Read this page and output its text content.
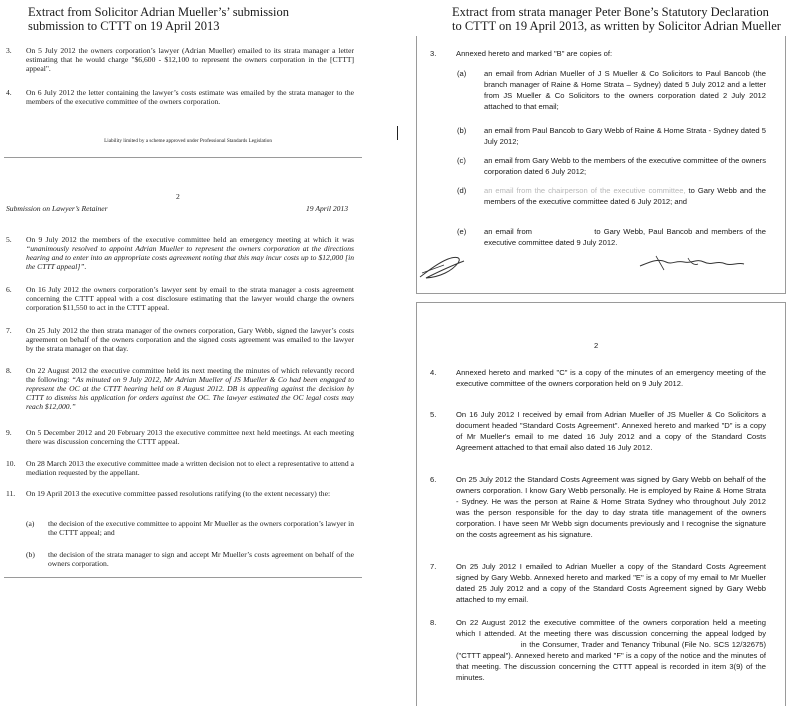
Extract from Solicitor Adrian Mueller’s’ submission
submission to CTTT on 19 April 2013
3. On 5 July 2012 the owners corporation’s lawyer (Adrian Mueller) emailed to its strata manager a letter estimating that he would charge "$6,600 - $12,100 to represent the owners corporation in the [CTTT] appeal".
4. On 6 July 2012 the letter containing the lawyer’s costs estimate was emailed by the strata manager to the members of the executive committee of the owners corporation.
Liability limited by a scheme approved under Professional Standards Legislation
2
Submission on Lawyer’s Retainer	19 April 2013
5. On 9 July 2012 the members of the executive committee held an emergency meeting at which it was “unanimously resolved to appoint Adrian Mueller to represent the owners corporation at the directions hearing and to enter into an appropriate costs agreement noting that this may incur costs up to $12,000 [in the CTTT appeal]”.
6. On 16 July 2012 the owners corporation’s lawyer sent by email to the strata manager a costs agreement concerning the CTTT appeal with a cost disclosure estimating that the lawyer would charge the owners corporation $11,550 to act in the CTTT appeal.
7. On 25 July 2012 the then strata manager of the owners corporation, Gary Webb, signed the lawyer’s costs agreement on behalf of the owners corporation and the signed costs agreement was emailed to the lawyer by the strata manager on that day.
8. On 22 August 2012 the executive committee held its next meeting the minutes of which relevantly record the following: “As minuted on 9 July 2012, Mr Adrian Mueller of JS Mueller & Co had been engaged to represent the OC at the CTTT hearing held on 8 August 2012. DB is appealing against the decision by CTTT to dismiss his application for orders against the OC. The lawyer estimated the OC legal costs may reach $12,000.”
9. On 5 December 2012 and 20 February 2013 the executive committee next held meetings. At each meeting there was discussion concerning the CTTT appeal.
10. On 28 March 2013 the executive committee made a written decision not to elect a representative to attend a mediation requested by the appellant.
11. On 19 April 2013 the executive committee passed resolutions ratifying (to the extent necessary) the:
(a) the decision of the executive committee to appoint Mr Mueller as the owners corporation’s lawyer in the CTTT appeal; and
(b) the decision of the strata manager to sign and accept Mr Mueller’s costs agreement on behalf of the owners corporation.
Extract from strata manager Peter Bone’s Statutory Declaration
to CTTT on 19 April 2013, as written by Solicitor Adrian Mueller
3.	Annexed hereto and marked "B" are copies of:
(a) an email from Adrian Mueller of J S Mueller & Co Solicitors to Paul Bancob (the branch manager of Raine & Home Strata – Sydney) dated 5 July 2012 and a letter from JS Mueller & Co Solicitors to the owners corporation dated 2 July 2012 attached to that email;
(b) an email from Paul Bancob to Gary Webb of Raine & Home Strata - Sydney dated 5 July 2012;
(c) an email from Gary Webb to the members of the executive committee of the owners corporation dated 6 July 2012;
(d) an email from the chairperson of the executive committee, to Gary Webb and the members of the executive committee dated 6 July 2012; and
(e) an email from	to Gary Webb, Paul Bancob and members of the executive committee dated 9 July 2012.
2
4.	Annexed hereto and marked "C" is a copy of the minutes of an emergency meeting of the executive committee of the owners corporation held on 9 July 2012.
5.	On 16 July 2012 I received by email from Adrian Mueller of JS Mueller & Co Solicitors a document headed "Standard Costs Agreement". Annexed hereto and marked "D" is a copy of Mr Mueller's email to me dated 16 July 2012 and a copy of the Standard Costs Agreement attached to that email also dated 16 July 2012.
6.	On 25 July 2012 the Standard Costs Agreement was signed by Gary Webb on behalf of the owners corporation. I know Gary Webb personally. He is employed by Raine & Home Strata - Sydney. He was the person at Raine & Home Strata Sydney who throughout July 2012 was the person responsible for the day to day strata title management of the owners corporation. I have seen Mr Webb sign documents previously and I recognise the signature on the costs agreement as his signature.
7.	On 25 July 2012 I emailed to Adrian Mueller a copy of the Standard Costs Agreement signed by Gary Webb. Annexed hereto and marked "E" is a copy of my email to Mr Mueller dated 25 July 2012 and a copy of the Standard Costs Agreement signed by Gary Webb attached to my email.
8.	On 22 August 2012 the executive committee of the owners corporation held a meeting which I attended. At the meeting there was discussion concerning the appeal lodged by                          in the Consumer, Trader and Tenancy Tribunal (File No. SCS 12/32675) ("CTTT appeal"). Annexed hereto and marked "F" is a copy of the notice and the minutes of that meeting. The discussion concerning the CTTT appeal is recorded in item 3(9) of the minutes.
